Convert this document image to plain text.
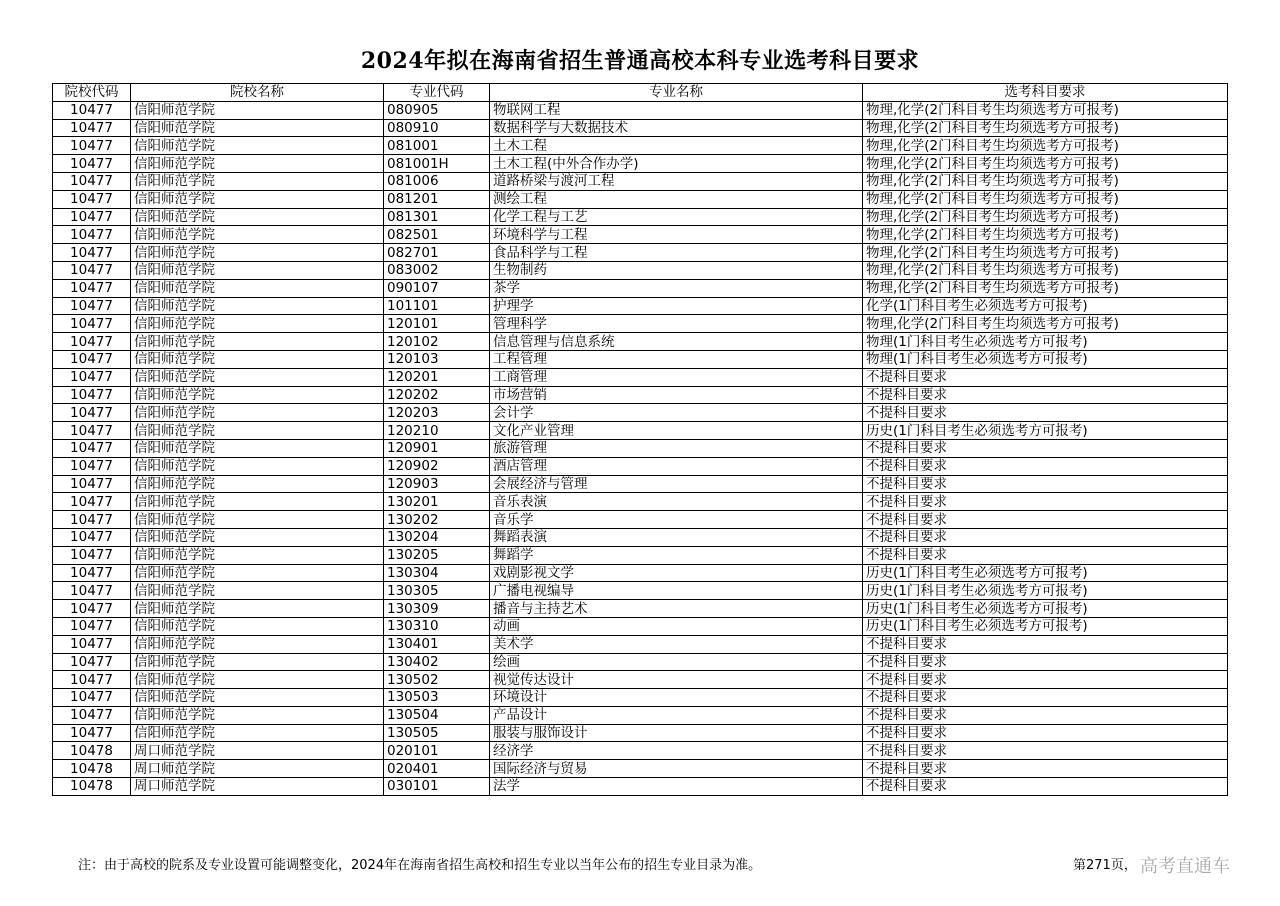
2024年拟在海南省招生普通高校本科专业选考科目要求
院校代码	院校名称	专业代码	专业名称	选考科目要求
10477	信阳师范学院	080905	物联网工程	物理,化学(2门科目考生均须选考方可报考)
10477	信阳师范学院	080910	数据科学与大数据技术	物理,化学(2门科目考生均须选考方可报考)
10477	信阳师范学院	081001	土木工程	物理,化学(2门科目考生均须选考方可报考)
10477	信阳师范学院	081001H	土木工程(中外合作办学)	物理,化学(2门科目考生均须选考方可报考)
10477	信阳师范学院	081006	道路桥梁与渡河工程	物理,化学(2门科目考生均须选考方可报考)
10477	信阳师范学院	081201	测绘工程	物理,化学(2门科目考生均须选考方可报考)
10477	信阳师范学院	081301	化学工程与工艺	物理,化学(2门科目考生均须选考方可报考)
10477	信阳师范学院	082501	环境科学与工程	物理,化学(2门科目考生均须选考方可报考)
10477	信阳师范学院	082701	食品科学与工程	物理,化学(2门科目考生均须选考方可报考)
10477	信阳师范学院	083002	生物制药	物理,化学(2门科目考生均须选考方可报考)
10477	信阳师范学院	090107	茶学	物理,化学(2门科目考生均须选考方可报考)
10477	信阳师范学院	101101	护理学	化学(1门科目考生必须选考方可报考)
10477	信阳师范学院	120101	管理科学	物理,化学(2门科目考生均须选考方可报考)
10477	信阳师范学院	120102	信息管理与信息系统	物理(1门科目考生必须选考方可报考)
10477	信阳师范学院	120103	工程管理	物理(1门科目考生必须选考方可报考)
10477	信阳师范学院	120201	工商管理	不提科目要求
10477	信阳师范学院	120202	市场营销	不提科目要求
10477	信阳师范学院	120203	会计学	不提科目要求
10477	信阳师范学院	120210	文化产业管理	历史(1门科目考生必须选考方可报考)
10477	信阳师范学院	120901	旅游管理	不提科目要求
10477	信阳师范学院	120902	酒店管理	不提科目要求
10477	信阳师范学院	120903	会展经济与管理	不提科目要求
10477	信阳师范学院	130201	音乐表演	不提科目要求
10477	信阳师范学院	130202	音乐学	不提科目要求
10477	信阳师范学院	130204	舞蹈表演	不提科目要求
10477	信阳师范学院	130205	舞蹈学	不提科目要求
10477	信阳师范学院	130304	戏剧影视文学	历史(1门科目考生必须选考方可报考)
10477	信阳师范学院	130305	广播电视编导	历史(1门科目考生必须选考方可报考)
10477	信阳师范学院	130309	播音与主持艺术	历史(1门科目考生必须选考方可报考)
10477	信阳师范学院	130310	动画	历史(1门科目考生必须选考方可报考)
10477	信阳师范学院	130401	美术学	不提科目要求
10477	信阳师范学院	130402	绘画	不提科目要求
10477	信阳师范学院	130502	视觉传达设计	不提科目要求
10477	信阳师范学院	130503	环境设计	不提科目要求
10477	信阳师范学院	130504	产品设计	不提科目要求
10477	信阳师范学院	130505	服装与服饰设计	不提科目要求
10478	周口师范学院	020101	经济学	不提科目要求
10478	周口师范学院	020401	国际经济与贸易	不提科目要求
10478	周口师范学院	030101	法学	不提科目要求
注：由于高校的院系及专业设置可能调整变化，2024年在海南省招生高校和招生专业以当年公布的招生专业目录为准。	第271页， 高考直通车
